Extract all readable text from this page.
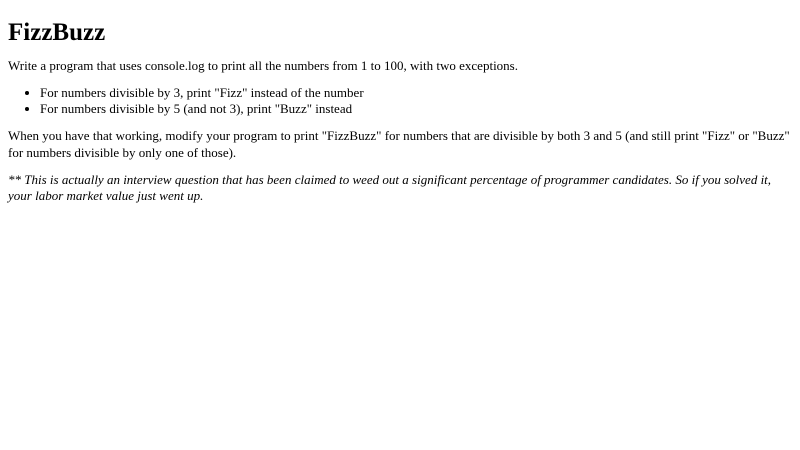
FizzBuzz

Write a program that uses console.log to print all the numbers from 1 to 100, with two exceptions.

• For numbers divisible by 3, print "Fizz" instead of the number
• For numbers divisible by 5 (and not 3), print "Buzz" instead

When you have that working, modify your program to print "FizzBuzz" for numbers that are divisible by both 3 and 5 (and still print "Fizz" or "Buzz" for numbers divisible by only one of those).

** This is actually an interview question that has been claimed to weed out a significant percentage of programmer candidates. So if you solved it, your labor market value just went up.
